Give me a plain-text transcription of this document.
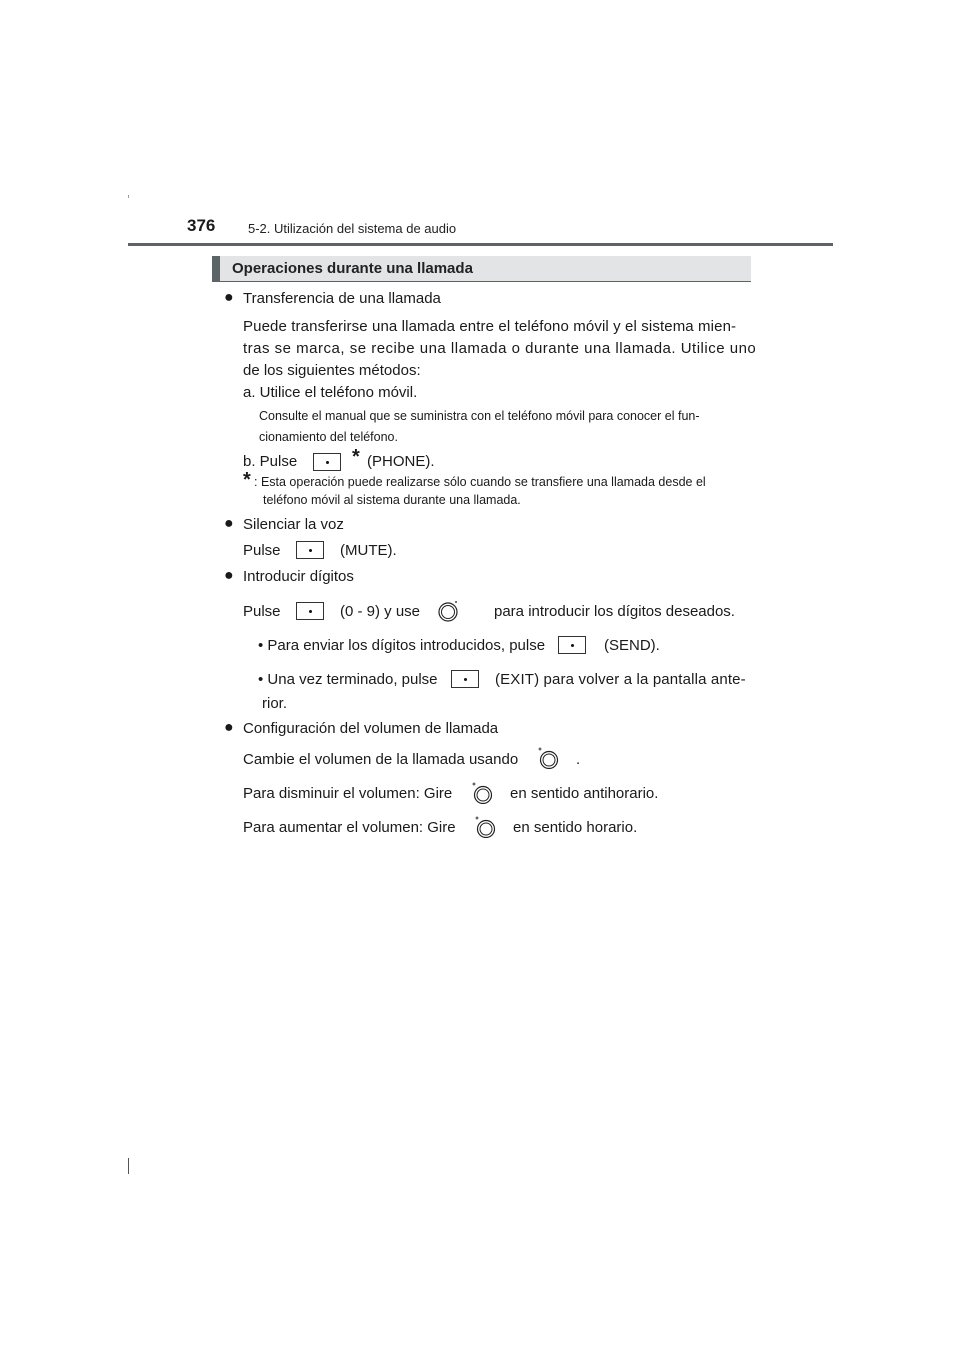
376	5-2. Utilización del sistema de audio
Operaciones durante una llamada
● Transferencia de una llamada
Puede transferirse una llamada entre el teléfono móvil y el sistema mien-
tras se marca, se recibe una llamada o durante una llamada. Utilice uno
de los siguientes métodos:
a. Utilice el teléfono móvil.
Consulte el manual que se suministra con el teléfono móvil para conocer el fun-
cionamiento del teléfono.
b. Pulse	* (PHONE).
* : Esta operación puede realizarse sólo cuando se transfiere una llamada desde el
teléfono móvil al sistema durante una llamada.
● Silenciar la voz
Pulse	(MUTE).
● Introducir dígitos
Pulse	(0 - 9) y use	para introducir los dígitos deseados.
• Para enviar los dígitos introducidos, pulse	(SEND).
• Una vez terminado, pulse	(EXIT) para volver a la pantalla ante-
rior.
● Configuración del volumen de llamada
Cambie el volumen de la llamada usando	.
Para disminuir el volumen: Gire	en sentido antihorario.
Para aumentar el volumen: Gire	en sentido horario.
